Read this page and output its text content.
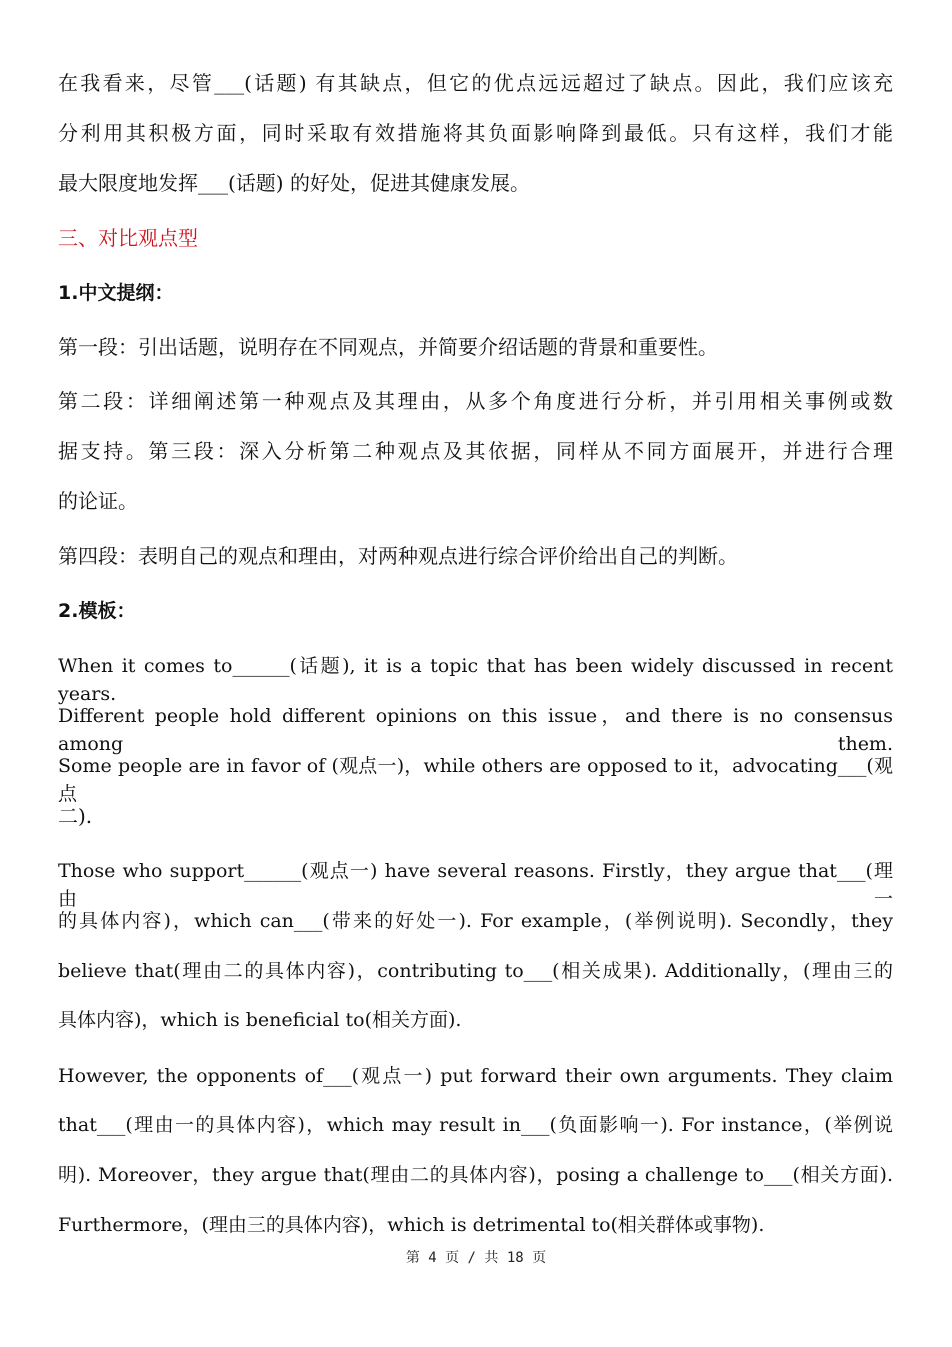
在我看来，尽管___(话题) 有其缺点，但它的优点远远超过了缺点。因此，我们应该充
分利用其积极方面，同时采取有效措施将其负面影响降到最低。只有这样，我们才能
最大限度地发挥___(话题) 的好处，促进其健康发展。
三、对比观点型
1.中文提纲：
第一段：引出话题，说明存在不同观点，并简要介绍话题的背景和重要性。
第二段：详细阐述第一种观点及其理由，从多个角度进行分析，并引用相关事例或数
据支持。第三段：深入分析第二种观点及其依据，同样从不同方面展开，并进行合理
的论证。
第四段：表明自己的观点和理由，对两种观点进行综合评价给出自己的判断。
2.模板：
When it comes to______(话题), it is a topic that has been widely discussed in recent years.
Different people hold different opinions on this issue，and there is no consensus among them.
Some people are in favor of (观点一)，while others are opposed to it，advocating___(观点
二).
Those who support______(观点一) have several reasons. Firstly，they argue that___(理由一
的具体内容)，which can___(带来的好处一). For example，(举例说明). Secondly，they
believe that(理由二的具体内容)，contributing to___(相关成果). Additionally，(理由三的
具体内容)，which is beneficial to(相关方面).
However, the opponents of___(观点一) put forward their own arguments. They claim
that___(理由一的具体内容)，which may result in___(负面影响一). For instance，(举例说
明). Moreover，they argue that(理由二的具体内容)，posing a challenge to___(相关方面).
Furthermore，(理由三的具体内容)，which is detrimental to(相关群体或事物).
第 4 页 / 共 18 页
